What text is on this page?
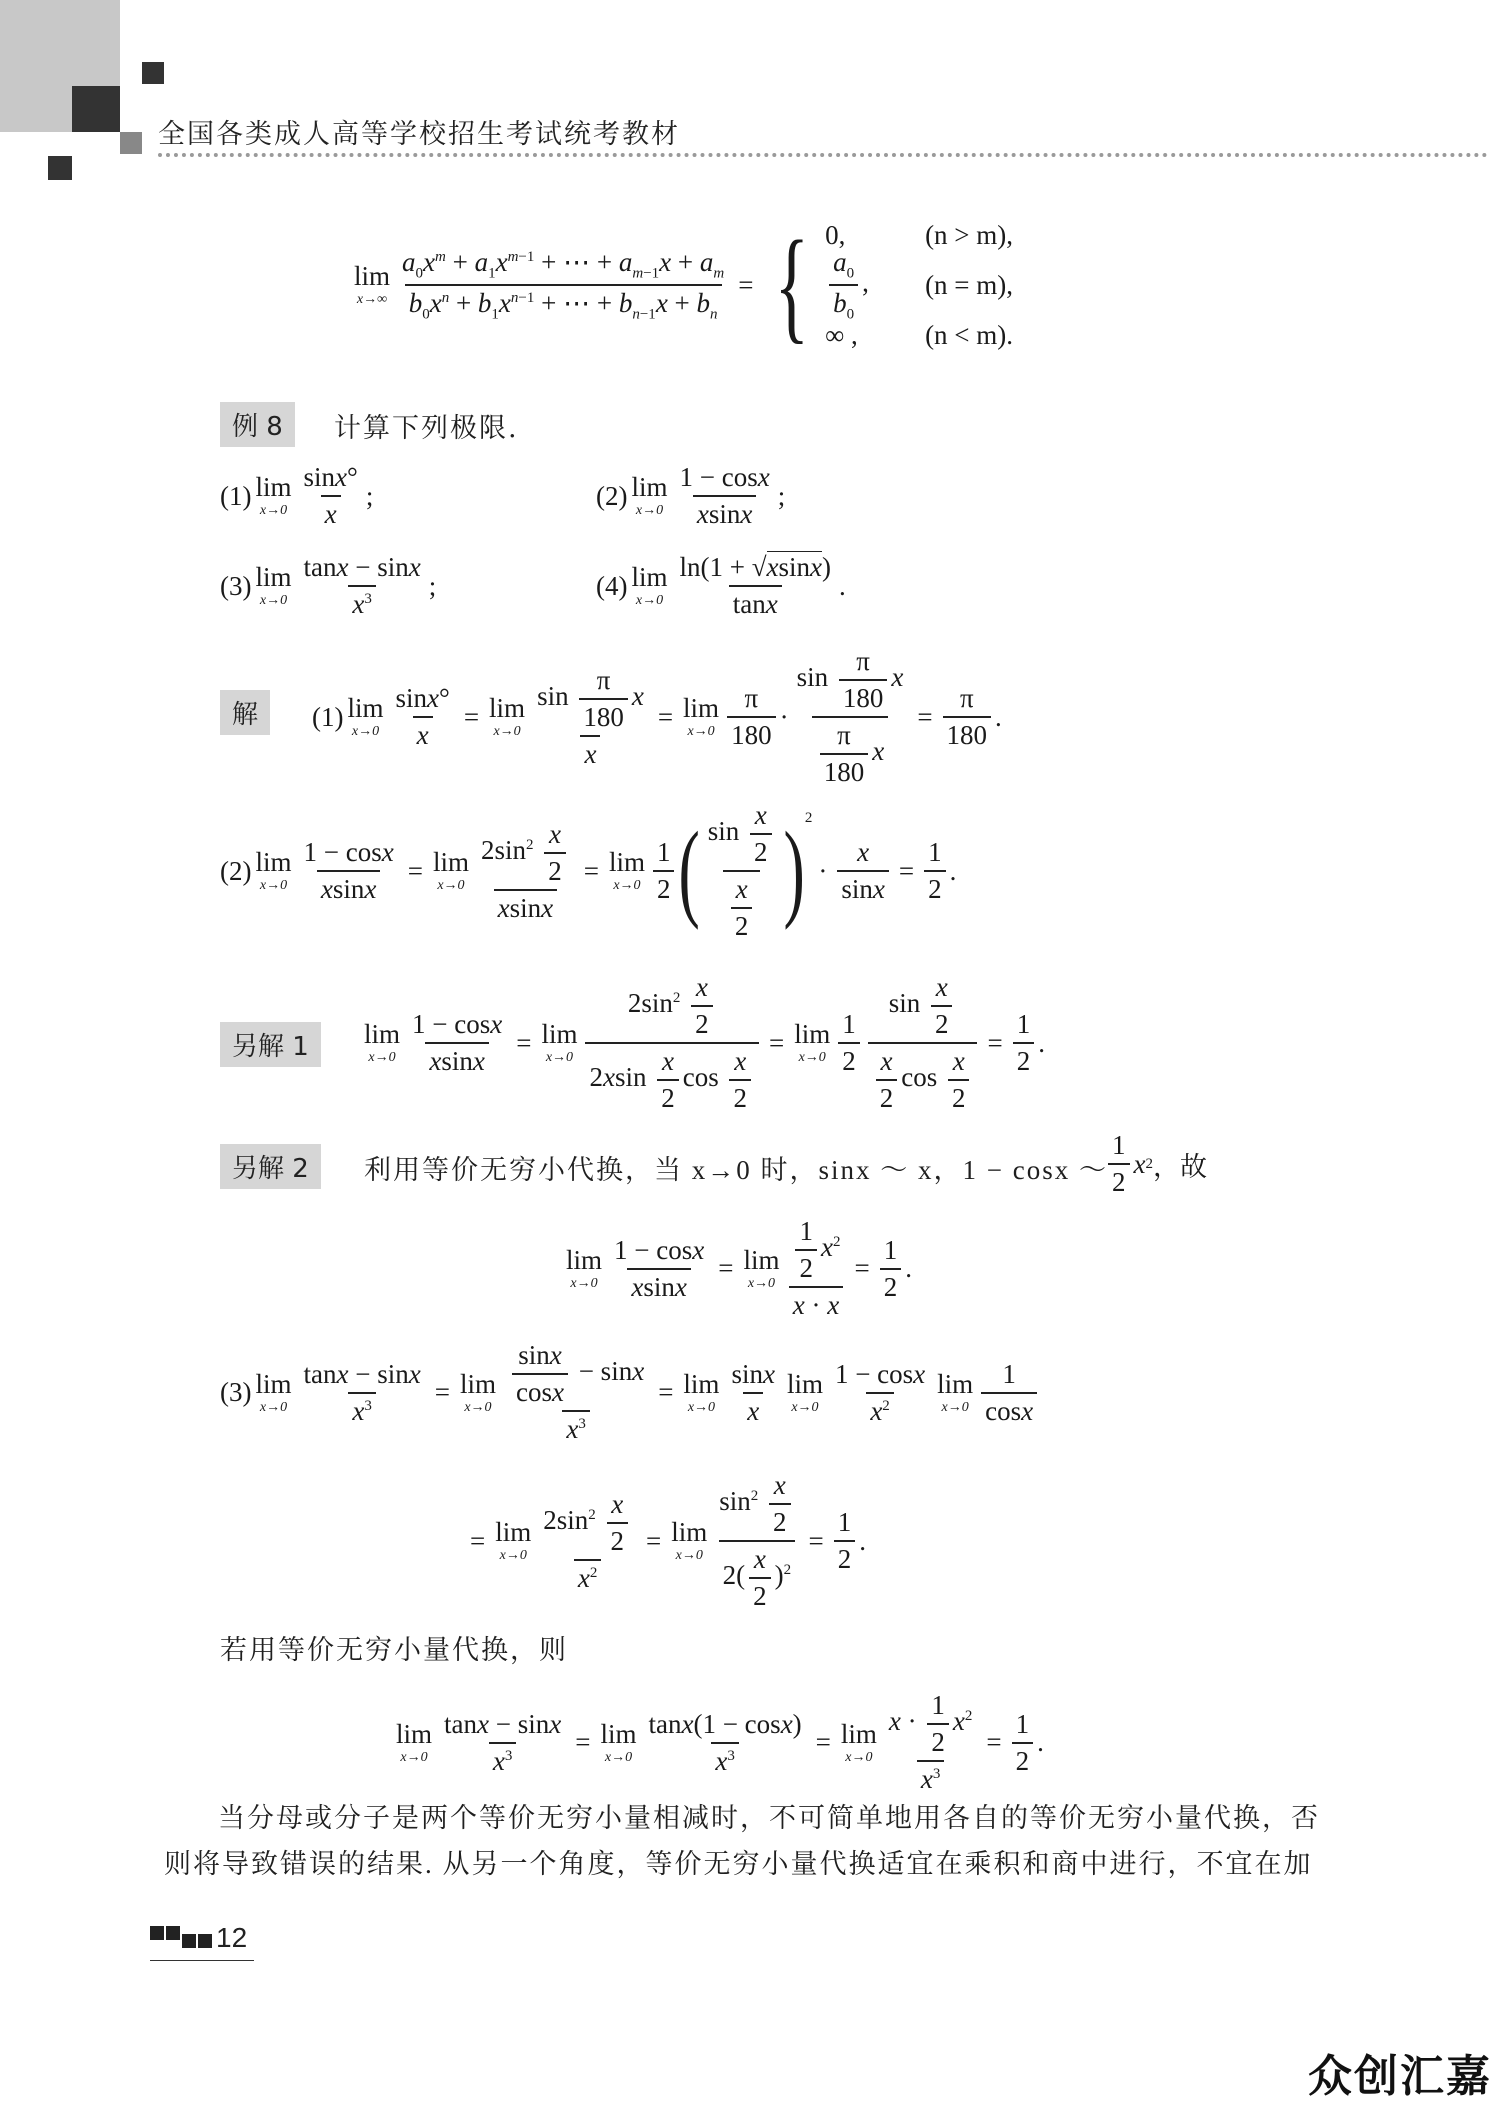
全国各类成人高等学校招生考试统考教材
lim
$x\to\infty \frac{a_0x^m + a_1x^{m-1} + \cdots + a_{m-1}x + a_m}{b_0x^n + b_1x^{n-1} + \cdots + b_{n-1}x + b_n}$ = { 0,	(n > m),
$\frac{a_0}{b_0}$ ,	(n = m),
∞ ,	(n < m).
例 8	计算下列极限.
(1) lim
$x\to 0 \frac{\sin x^\circ}{x}$ ;	(2) lim
$x\to 0 \frac{1 - \cos x}{xsinx}$ ;
(3) lim
$x\to 0 \frac{\tan x - \sin x}{x^3}$ ;	(4) lim
$x\to 0 \frac{\ln(1 + √xsinx)}{\tan x}$ .
解	(1) lim
$x\to 0 \frac{\sin x^\circ}{x} = \lim$
$x\to 0 \frac{\sin \frac{\pi}{180} x}{x} = \lim$
$x\to 0 \frac{\pi}{180} \cdot \frac{\sin \frac{\pi}{180} x}{\frac{\pi}{180} x} = \frac{\pi}{180}$ .
(2) lim
$x\to 0 \frac{1 - \cos x}{xsinx} = \lim$
$x\to 0 \frac{2\sin^2 \frac{x}{2}}{xsinx} = \lim$
$x\to 0 \frac{1}{2}$ ( $\frac{\sin \frac{x}{2}}{\frac{x}{2}} )^2$
· $\frac{x}{\sin x} = \frac{1}{2}$ .
另解 1	lim
$x\to 0 \frac{1 - \cos x}{xsinx} = \lim$
$x\to 0 \frac{2\sin^2 \frac{x}{2}}{2xsin \frac{x}{2} \cos \frac{x}{2}} = \lim$
$x\to 0 \frac{1}{2} \frac{\sin \frac{x}{2}}{\frac{x}{2} \cos \frac{x}{2}} = \frac{1}{2}$ .
另解 2	利用等价无穷小代换，当 x→0 时，sinx ～ x，1 − cosx ～ $\frac{1}{2}$ x 2 ，故
lim
$x\to 0 \frac{1 - \cos x}{xsinx} = \lim$
$x\to 0 \frac{\frac{1}{2} x^2}{x \cdot x} = \frac{1}{2}$ .
(3) lim
$x\to 0 \frac{\tan x - \sin x}{x^3} = \lim$
$x\to 0 \frac{\frac{\sin x}{\cos x} - \sin x}{x^3} = \lim$
$x\to 0 \frac{\sin x}{x}$ lim
$x\to 0 \frac{1 - \cos x}{x^2}$ lim
$x\to 0 \frac{1}{\cos x}$
= lim
$x\to 0 \frac{2\sin^2 \frac{x}{2}}{x^2} = \lim$
$x\to 0 \frac{\sin^2 \frac{x}{2}}{2( \frac{x}{2} )^2} = \frac{1}{2}$ .
若用等价无穷小量代换，则
lim
$x\to 0 \frac{\tan x - \sin x}{x^3} = \lim$
$x\to 0 \frac{\tan x(1 - \cos x)}{x^3} = \lim$
$x\to 0 \frac{x \cdot \frac{1}{2} x^2}{x^3} = \frac{1}{2}$ .
当分母或分子是两个等价无穷小量相减时，不可简单地用各自的等价无穷小量代换，否
则将导致错误的结果. 从另一个角度，等价无穷小量代换适宜在乘积和商中进行，不宜在加
12
众创汇嘉
